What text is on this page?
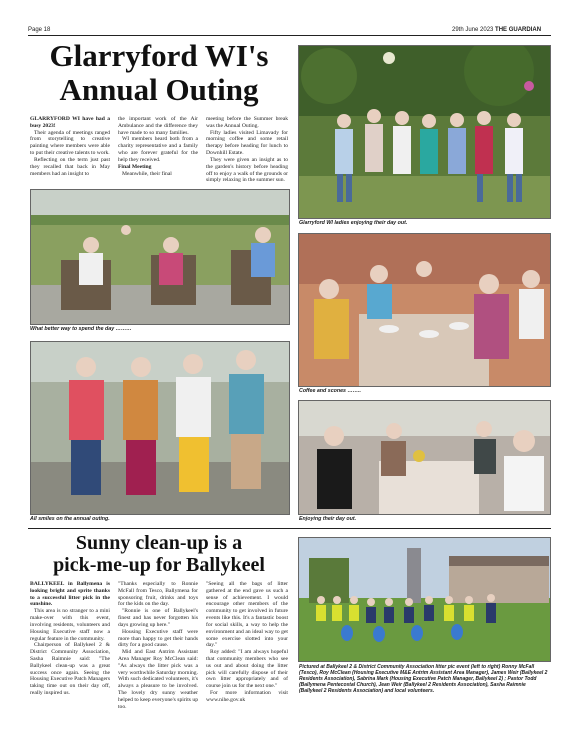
Page 18	29th June 2023 THE GUARDIAN
Glarryford WI's
Annual Outing

GLARRYFORD WI have had a busy 2023!

Their agenda of meetings ranged from storytelling to creative painting where members were able to put their creative talents to work.

Reflecting on the term just past they recalled that back in May members had an insight to

the important work of the Air Ambulance and the difference they have made to so many families.

WI members heard both from a charity representative and a family who are forever grateful for the help they received.

Final Meeting

Meanwhile, their final

meeting before the Summer break was the Annual Outing.

Fifty ladies visited Limavady for morning coffee and some retail therapy before heading for lunch to Downhill Estate.

They were given an insight as to the garden's history before heading off to enjoy a walk of the grounds or simply relaxing in the summer sun.

Glarryford WI ladies enjoying their day out.
What better way to spend the day ………
Coffee and scones ……..
All smiles on the annual outing.	Enjoying their day out.
Sunny clean-up is a
pick-me-up for Ballykeel

BALLYKEEL in Ballymena is looking bright and sprite thanks to a successful litter pick in the sunshine.

This area is no stranger to a mini make-over with this event, involving residents, volunteers and Housing Executive staff now a regular feature in the community.

Chairperson of Ballykeel 2 & District Community Association, Sasha Raimnie said: "The Ballykeel clean-up was a great success once again. Seeing the Housing Executive Patch Managers taking time out on their day off, really inspired us.

"Thanks especially to Ronnie McFall from Tesco, Ballymena for sponsoring fruit, drinks and toys for the kids on the day.

"Ronnie is one of Ballykeel's finest and has never forgotten his days growing up here."

Housing Executive staff were more than happy to get their hands dirty for a good cause.

Mid and East Antrim Assistant Area Manager Roy McClean said: "As always the litter pick was a very worthwhile Saturday morning. With such dedicated volunteers, it's always a pleasure to be involved. The lovely dry sunny weather helped to keep everyone's spirits up too.

"Seeing all the bags of litter gathered at the end gave us such a sense of achievement. I would encourage other members of the community to get involved in future events like this. It's a fantastic boost for social skills, a way to help the environment and an ideal way to get some exercise slotted into your day."

Roy added: "I am always hopeful that community members who see us out and about doing the litter pick will carefully dispose of their own litter appropriately and of course join us for the next one."

For more information visit www.nihe.gov.uk

Pictured at Ballykeel 2 & District Community Association litter pic event (left to right) Ronny McFall (Tesco), Roy McClean (Housing Executive M&E Antrim Assistant Area Manager), James Weir (Ballykeel 2 Residents Association), Sabrina Mark (Housing Executive Patch Manager, Ballykeel 2) ; Pastor Todd (Ballymena Pentecostal Church), Jean Weir (Ballykeel 2 Residents Association), Sasha Raimnie (Ballykeel 2 Residents Association) and local volunteers.
